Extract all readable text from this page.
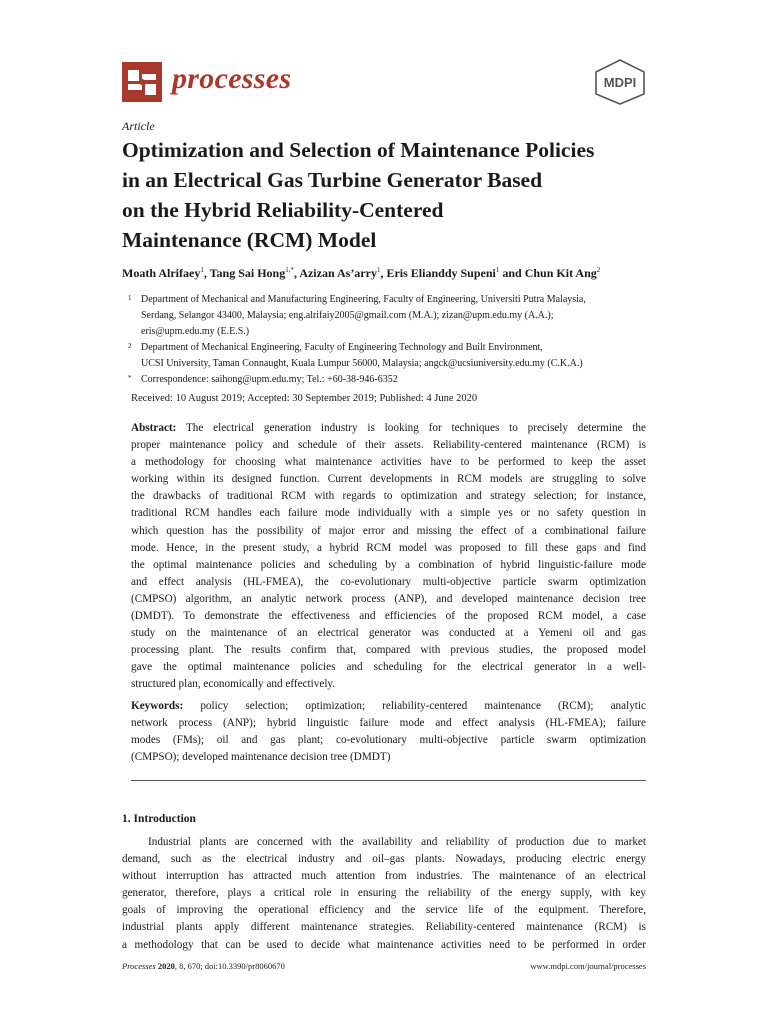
processes	MDPI
Article
Optimization and Selection of Maintenance Policies
in an Electrical Gas Turbine Generator Based
on the Hybrid Reliability-Centered
Maintenance (RCM) Model
Moath Alrifaey$^1$, Tang Sai Hong$^{1,*}$, Azizan As’arry$^1$, Eris Elianddy Supeni$^1$ and Chun Kit Ang$^2$
1 Department of Mechanical and Manufacturing Engineering, Faculty of Engineering, Universiti Putra Malaysia,
Serdang, Selangor 43400, Malaysia; eng.alrifaiy2005@gmail.com (M.A.); zizan@upm.edu.my (A.A.);
eris@upm.edu.my (E.E.S.)
2 Department of Mechanical Engineering, Faculty of Engineering Technology and Built Environment,
UCSI University, Taman Connaught, Kuala Lumpur 56000, Malaysia; angck@ucsiuniversity.edu.my (C.K.A.)
* Correspondence: saihong@upm.edu.my; Tel.: +60-38-946-6352
Received: 10 August 2019; Accepted: 30 September 2019; Published: 4 June 2020
Abstract: The electrical generation industry is looking for techniques to precisely determine the
proper maintenance policy and schedule of their assets. Reliability-centered maintenance (RCM) is
a methodology for choosing what maintenance activities have to be performed to keep the asset
working within its designed function. Current developments in RCM models are struggling to solve
the drawbacks of traditional RCM with regards to optimization and strategy selection; for instance,
traditional RCM handles each failure mode individually with a simple yes or no safety question in
which question has the possibility of major error and missing the effect of a combinational failure
mode. Hence, in the present study, a hybrid RCM model was proposed to fill these gaps and find
the optimal maintenance policies and scheduling by a combination of hybrid linguistic-failure mode
and effect analysis (HL-FMEA), the co-evolutionary multi-objective particle swarm optimization
(CMPSO) algorithm, an analytic network process (ANP), and developed maintenance decision tree
(DMDT). To demonstrate the effectiveness and efficiencies of the proposed RCM model, a case
study on the maintenance of an electrical generator was conducted at a Yemeni oil and gas
processing plant. The results confirm that, compared with previous studies, the proposed model
gave the optimal maintenance policies and scheduling for the electrical generator in a well-
structured plan, economically and effectively.
Keywords: policy selection; optimization; reliability-centered maintenance (RCM); analytic
network process (ANP); hybrid linguistic failure mode and effect analysis (HL-FMEA); failure
modes (FMs); oil and gas plant; co-evolutionary multi-objective particle swarm optimization
(CMPSO); developed maintenance decision tree (DMDT)
1. Introduction
Industrial plants are concerned with the availability and reliability of production due to market
demand, such as the electrical industry and oil–gas plants. Nowadays, producing electric energy
without interruption has attracted much attention from industries. The maintenance of an electrical
generator, therefore, plays a critical role in ensuring the reliability of the energy supply, with key
goals of improving the operational efficiency and the service life of the equipment. Therefore,
industrial plants apply different maintenance strategies. Reliability-centered maintenance (RCM) is
a methodology that can be used to decide what maintenance activities need to be performed in order
Processes 2020, 8, 670; doi:10.3390/pr8060670	www.mdpi.com/journal/processes
